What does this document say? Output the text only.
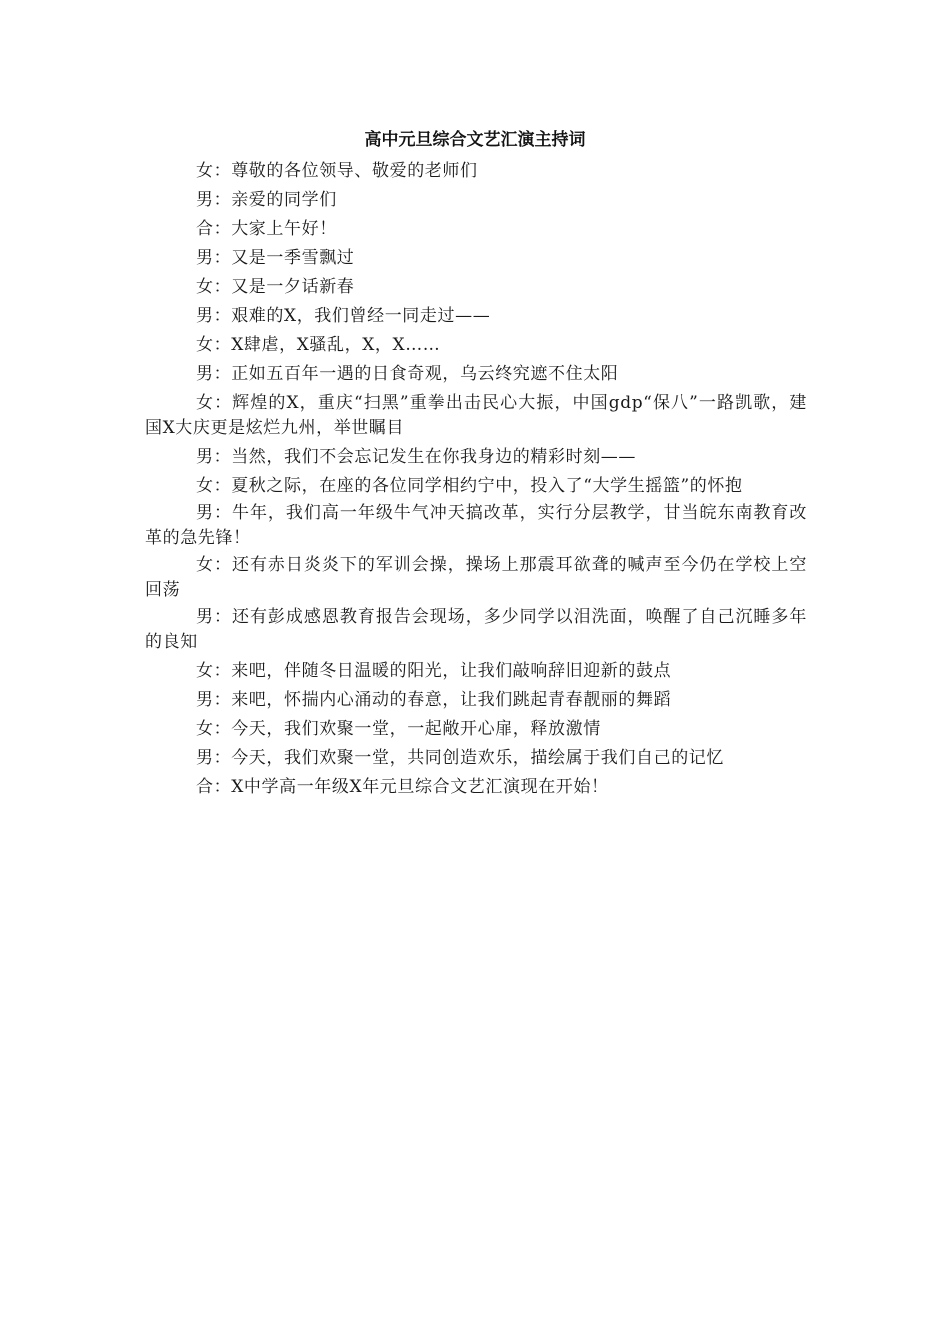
高中元旦综合文艺汇演主持词

女：尊敬的各位领导、敬爱的老师们

男：亲爱的同学们

合：大家上午好！

男：又是一季雪飘过

女：又是一夕话新春

男：艰难的X，我们曾经一同走过——

女：X肆虐，X骚乱，X，X……

男：正如五百年一遇的日食奇观，乌云终究遮不住太阳

女：辉煌的X，重庆“扫黑”重拳出击民心大振，中国gdp“保八”一路凯歌，建国X大庆更是炫烂九州，举世瞩目

男：当然，我们不会忘记发生在你我身边的精彩时刻——

女：夏秋之际，在座的各位同学相约宁中，投入了“大学生摇篮”的怀抱

男：牛年，我们高一年级牛气冲天搞改革，实行分层教学，甘当皖东南教育改革的急先锋！

女：还有赤日炎炎下的军训会操，操场上那震耳欲聋的喊声至今仍在学校上空回荡

男：还有彭成感恩教育报告会现场，多少同学以泪洗面，唤醒了自己沉睡多年的良知

女：来吧，伴随冬日温暖的阳光，让我们敲响辞旧迎新的鼓点

男：来吧，怀揣内心涌动的春意，让我们跳起青春靓丽的舞蹈

女：今天，我们欢聚一堂，一起敞开心扉，释放激情

男：今天，我们欢聚一堂，共同创造欢乐，描绘属于我们自己的记忆

合：X中学高一年级X年元旦综合文艺汇演现在开始！
